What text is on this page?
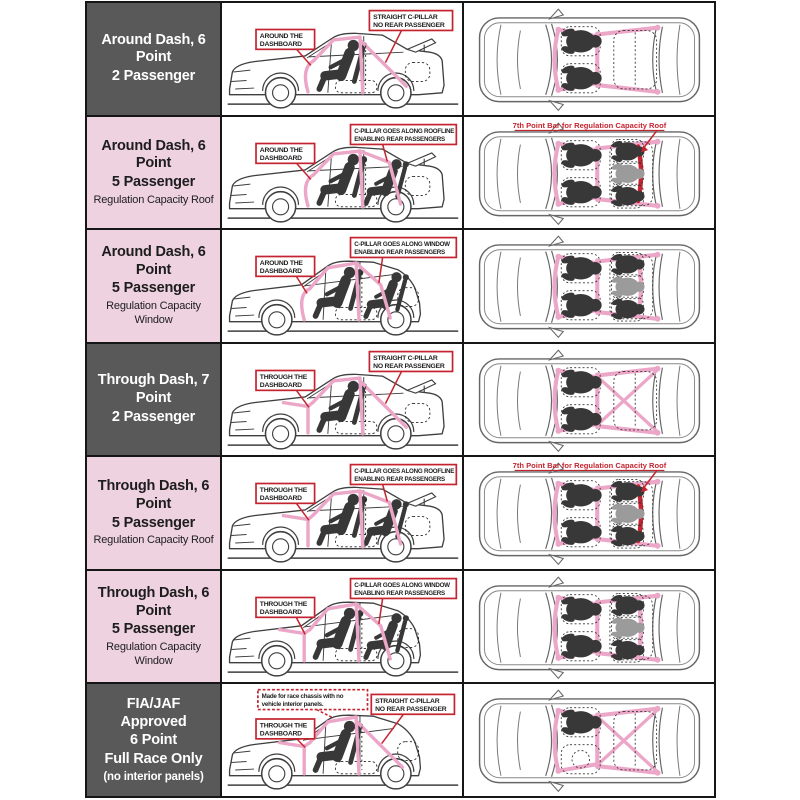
Around Dash, 6 Point
2 Passenger
AROUND THE
DASHBOARD
STRAIGHT C-PILLAR
NO REAR PASSENGER
Around Dash, 6 Point
5 Passenger
Regulation Capacity Roof
AROUND THE
DASHBOARD
C-PILLAR GOES ALONG ROOFLINE
ENABLING REAR PASSENGERS
7th Point Bar for Regulation Capacity Roof
Around Dash, 6 Point
5 Passenger
Regulation Capacity Window
AROUND THE
DASHBOARD
C-PILLAR GOES ALONG WINDOW
ENABLING REAR PASSENGERS
Through Dash, 7 Point
2 Passenger
THROUGH THE
DASHBOARD
STRAIGHT C-PILLAR
NO REAR PASSENGER
Through Dash, 6 Point
5 Passenger
Regulation Capacity Roof
THROUGH THE
DASHBOARD
C-PILLAR GOES ALONG ROOFLINE
ENABLING REAR PASSENGERS
7th Point Bar for Regulation Capacity Roof
Through Dash, 6 Point
5 Passenger
Regulation Capacity Window
THROUGH THE
DASHBOARD
C-PILLAR GOES ALONG WINDOW
ENABLING REAR PASSENGERS
FIA/JAF Approved
6 Point
Full Race Only
(no interior panels)
THROUGH THE
DASHBOARD
STRAIGHT C-PILLAR
NO REAR PASSENGER
Made for race chassis with no
vehicle interior panels.
